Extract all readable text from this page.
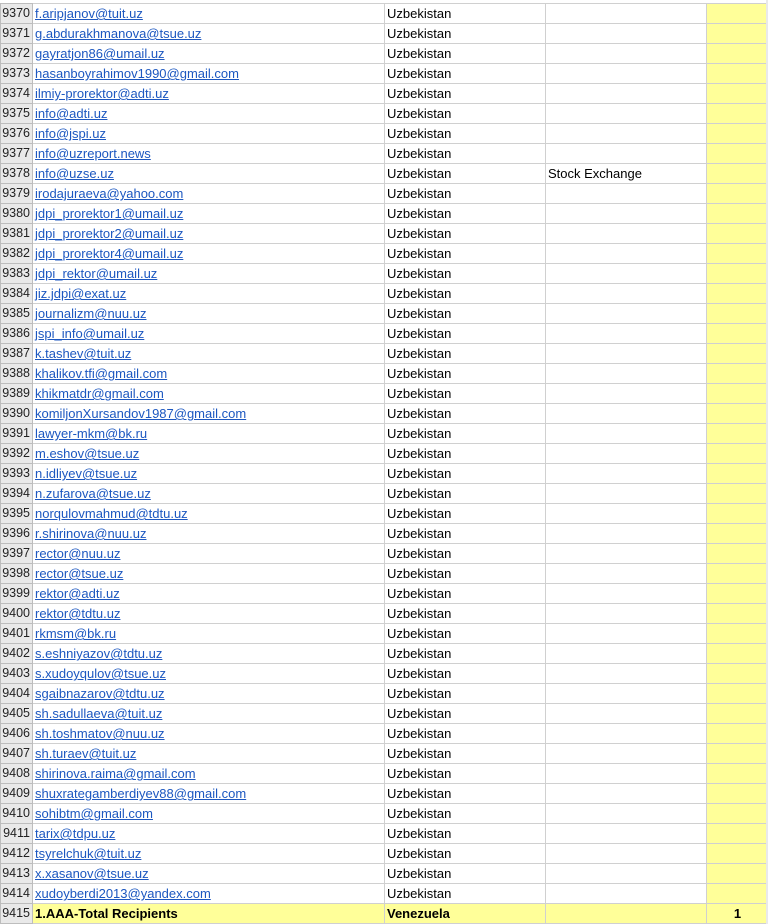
9370	f.aripjanov@tuit.uz	Uzbekistan		
9371	g.abdurakhmanova@tsue.uz	Uzbekistan		
9372	gayratjon86@umail.uz	Uzbekistan		
9373	hasanboyrahimov1990@gmail.com	Uzbekistan		
9374	ilmiy-prorektor@adti.uz	Uzbekistan		
9375	info@adti.uz	Uzbekistan		
9376	info@jspi.uz	Uzbekistan		
9377	info@uzreport.news	Uzbekistan		
9378	info@uzse.uz	Uzbekistan	Stock Exchange	
9379	irodajuraeva@yahoo.com	Uzbekistan		
9380	jdpi_prorektor1@umail.uz	Uzbekistan		
9381	jdpi_prorektor2@umail.uz	Uzbekistan		
9382	jdpi_prorektor4@umail.uz	Uzbekistan		
9383	jdpi_rektor@umail.uz	Uzbekistan		
9384	jiz.jdpi@exat.uz	Uzbekistan		
9385	journalizm@nuu.uz	Uzbekistan		
9386	jspi_info@umail.uz	Uzbekistan		
9387	k.tashev@tuit.uz	Uzbekistan		
9388	khalikov.tfi@gmail.com	Uzbekistan		
9389	khikmatdr@gmail.com	Uzbekistan		
9390	komiljonXursandov1987@gmail.com	Uzbekistan		
9391	lawyer-mkm@bk.ru	Uzbekistan		
9392	m.eshov@tsue.uz	Uzbekistan		
9393	n.idliyev@tsue.uz	Uzbekistan		
9394	n.zufarova@tsue.uz	Uzbekistan		
9395	norqulovmahmud@tdtu.uz	Uzbekistan		
9396	r.shirinova@nuu.uz	Uzbekistan		
9397	rector@nuu.uz	Uzbekistan		
9398	rector@tsue.uz	Uzbekistan		
9399	rektor@adti.uz	Uzbekistan		
9400	rektor@tdtu.uz	Uzbekistan		
9401	rkmsm@bk.ru	Uzbekistan		
9402	s.eshniyazov@tdtu.uz	Uzbekistan		
9403	s.xudoyqulov@tsue.uz	Uzbekistan		
9404	sgaibnazarov@tdtu.uz	Uzbekistan		
9405	sh.sadullaeva@tuit.uz	Uzbekistan		
9406	sh.toshmatov@nuu.uz	Uzbekistan		
9407	sh.turaev@tuit.uz	Uzbekistan		
9408	shirinova.raima@gmail.com	Uzbekistan		
9409	shuxrategamberdiyev88@gmail.com	Uzbekistan		
9410	sohibtm@gmail.com	Uzbekistan		
9411	tarix@tdpu.uz	Uzbekistan		
9412	tsyrelchuk@tuit.uz	Uzbekistan		
9413	x.xasanov@tsue.uz	Uzbekistan		
9414	xudoyberdi2013@yandex.com	Uzbekistan		
9415	1.AAA-Total Recipients	Venezuela		1
